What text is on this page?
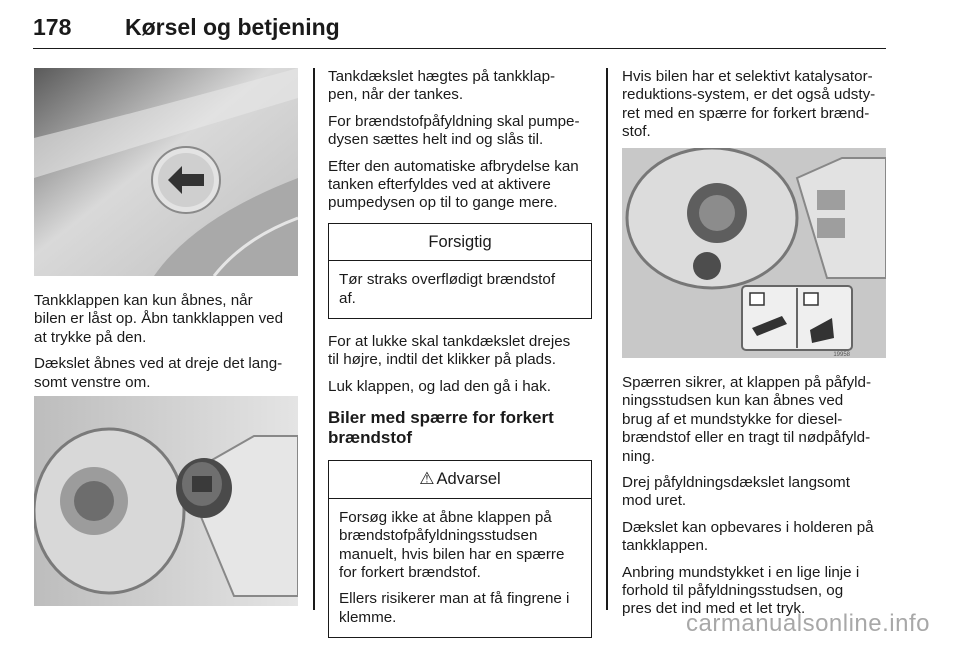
178 Kørsel og betjening

Tankklappen kan kun åbnes, når
bilen er låst op. Åbn tankklappen ved
at trykke på den.

Dækslet åbnes ved at dreje det lang‐
somt venstre om.

Tankdækslet hægtes på tankklap‐
pen, når der tankes.

For brændstofpåfyldning skal pumpe‐
dysen sættes helt ind og slås til.

Efter den automatiske afbrydelse kan
tanken efterfyldes ved at aktivere
pumpedysen op til to gange mere.

Forsigtig

Tør straks overflødigt brændstof
af.

For at lukke skal tankdækslet drejes
til højre, indtil det klikker på plads.

Luk klappen, og lad den gå i hak.

Biler med spærre for forkert
brændstof
⚠ Advarsel

Forsøg ikke at åbne klappen på
brændstofpåfyldningsstudsen
manuelt, hvis bilen har en spærre
for forkert brændstof.

Ellers risikerer man at få fingrene i
klemme.

Hvis bilen har et selektivt katalysator‐
reduktions-system, er det også udsty‐
ret med en spærre for forkert brænd‐
stof.

19958

Spærren sikrer, at klappen på påfyld‐
ningsstudsen kun kan åbnes ved
brug af et mundstykke for diesel‐
brændstof eller en tragt til nødpåfyld‐
ning.

Drej påfyldningsdækslet langsomt
mod uret.

Dækslet kan opbevares i holderen på
tankklappen.

Anbring mundstykket i en lige linje i
forhold til påfyldningsstudsen, og
pres det ind med et let tryk.

carmanualsonline.info
